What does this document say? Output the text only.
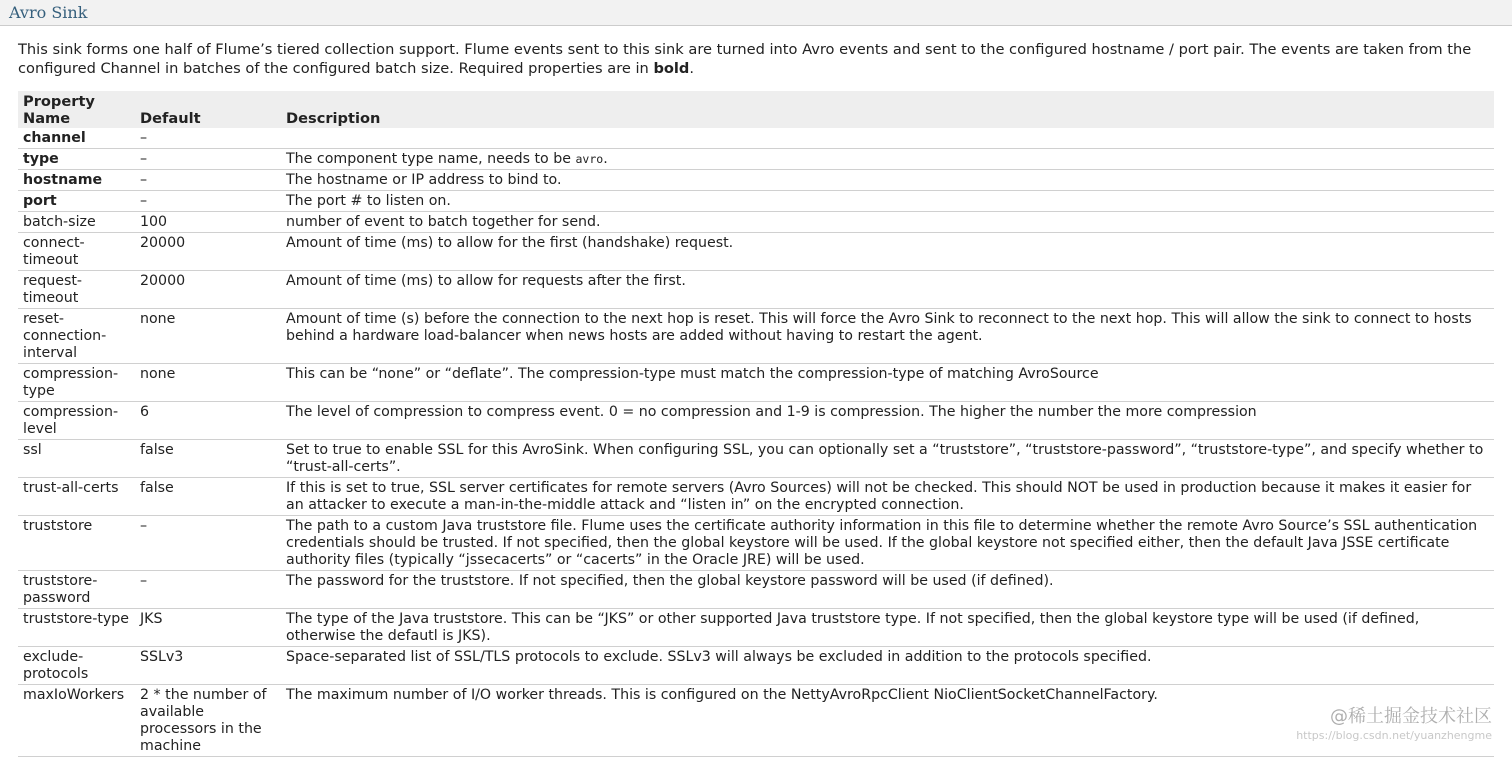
Avro Sink

This sink forms one half of Flume’s tiered collection support. Flume events sent to this sink are turned into Avro events and sent to the configured hostname / port pair. The events are taken from the configured Channel in batches of the configured batch size. Required properties are in bold.

Property Name	Default	Description
channel	–	
type	–	The component type name, needs to be avro.
hostname	–	The hostname or IP address to bind to.
port	–	The port # to listen on.
batch-size	100	number of event to batch together for send.
connect-timeout	20000	Amount of time (ms) to allow for the first (handshake) request.
request-timeout	20000	Amount of time (ms) to allow for requests after the first.
reset-connection-interval	none	Amount of time (s) before the connection to the next hop is reset. This will force the Avro Sink to reconnect to the next hop. This will allow the sink to connect to hosts behind a hardware load-balancer when news hosts are added without having to restart the agent.
compression-type	none	This can be “none” or “deflate”. The compression-type must match the compression-type of matching AvroSource
compression-level	6	The level of compression to compress event. 0 = no compression and 1-9 is compression. The higher the number the more compression
ssl	false	Set to true to enable SSL for this AvroSink. When configuring SSL, you can optionally set a “truststore”, “truststore-password”, “truststore-type”, and specify whether to “trust-all-certs”.
trust-all-certs	false	If this is set to true, SSL server certificates for remote servers (Avro Sources) will not be checked. This should NOT be used in production because it makes it easier for an attacker to execute a man-in-the-middle attack and “listen in” on the encrypted connection.
truststore	–	The path to a custom Java truststore file. Flume uses the certificate authority information in this file to determine whether the remote Avro Source’s SSL authentication credentials should be trusted. If not specified, then the global keystore will be used. If the global keystore not specified either, then the default Java JSSE certificate authority files (typically “jssecacerts” or “cacerts” in the Oracle JRE) will be used.
truststore-password	–	The password for the truststore. If not specified, then the global keystore password will be used (if defined).
truststore-type	JKS	The type of the Java truststore. This can be “JKS” or other supported Java truststore type. If not specified, then the global keystore type will be used (if defined, otherwise the defautl is JKS).
exclude-protocols	SSLv3	Space-separated list of SSL/TLS protocols to exclude. SSLv3 will always be excluded in addition to the protocols specified.
maxIoWorkers	2 * the number of available processors in the machine	The maximum number of I/O worker threads. This is configured on the NettyAvroRpcClient NioClientSocketChannelFactory.
@稀土掘金技术社区
https://blog.csdn.net/yuanzhengme
